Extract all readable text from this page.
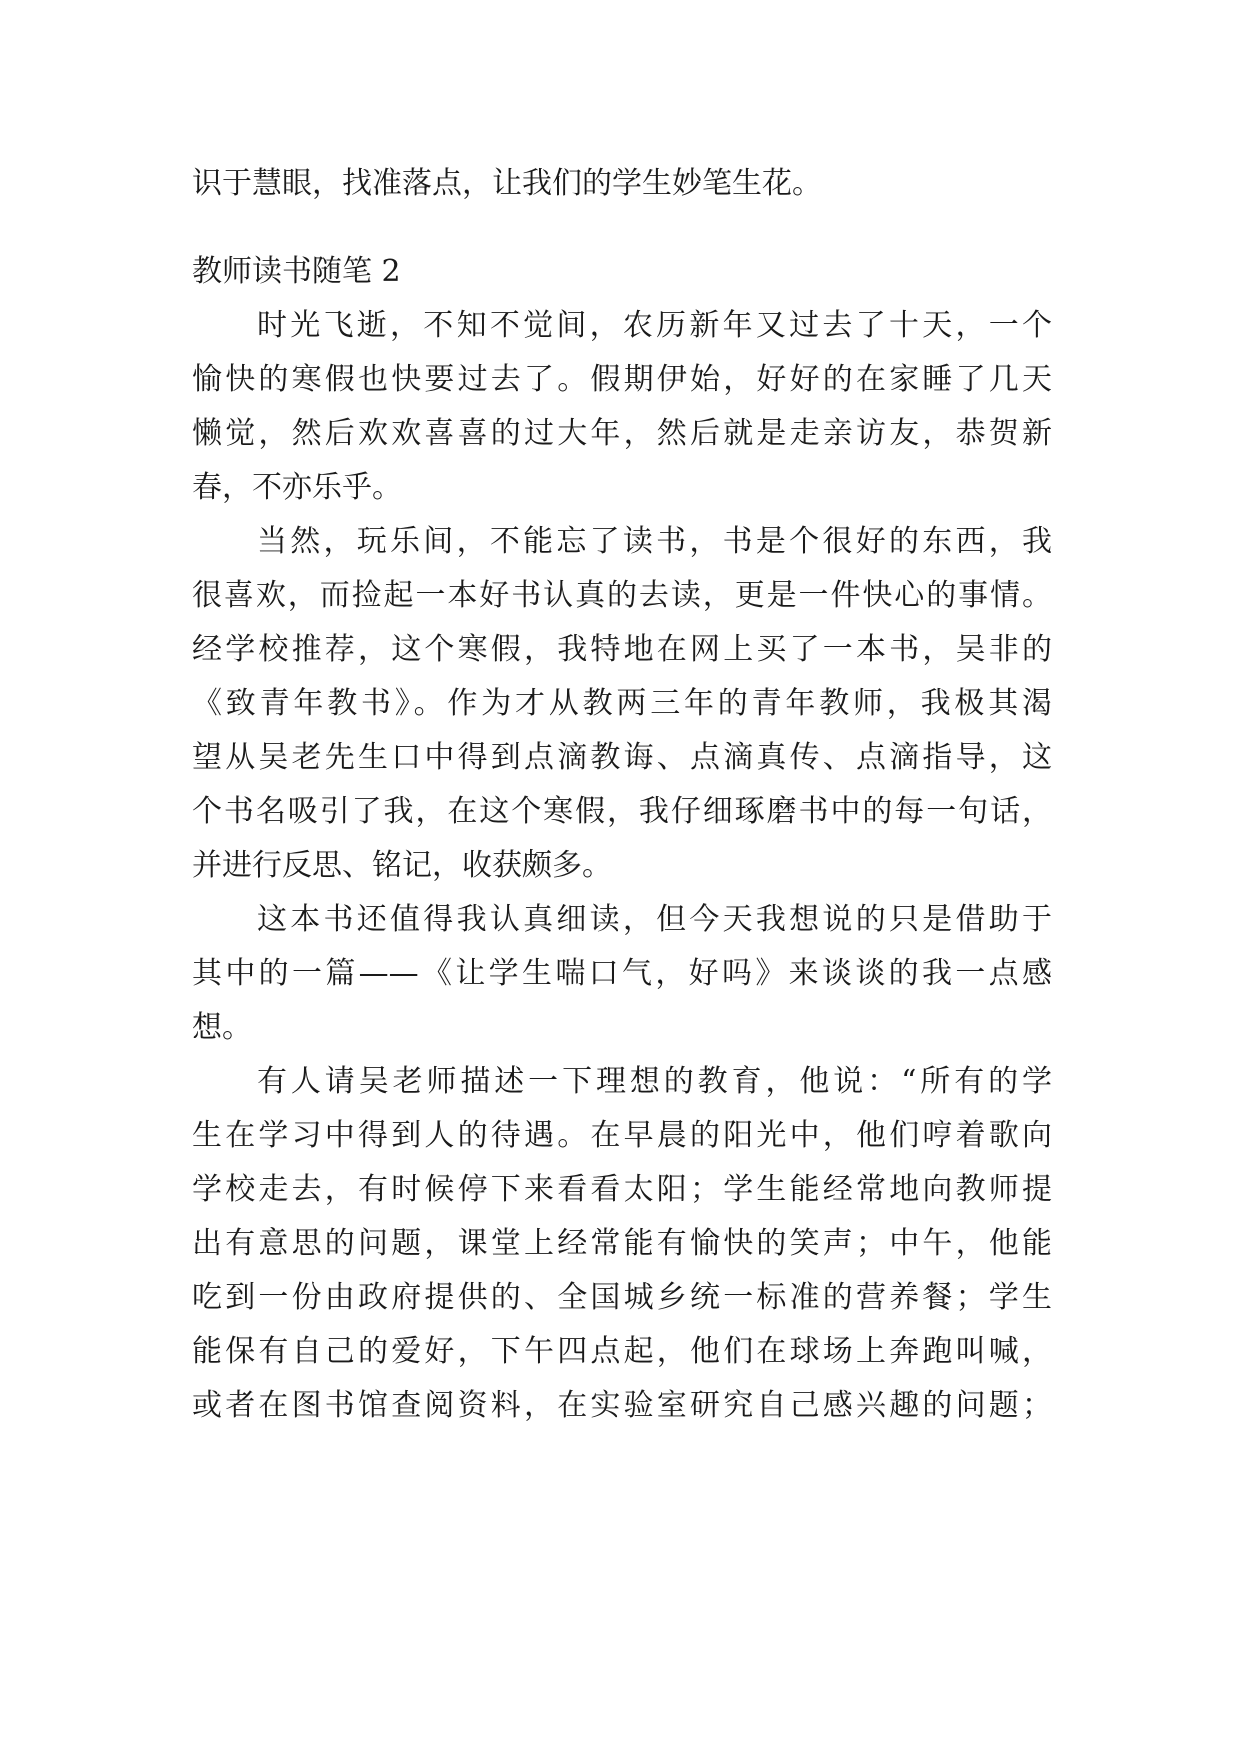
识于慧眼，找准落点，让我们的学生妙笔生花。
教师读书随笔 2
时光飞逝，不知不觉间，农历新年又过去了十天，一个
愉快的寒假也快要过去了。假期伊始，好好的在家睡了几天
懒觉，然后欢欢喜喜的过大年，然后就是走亲访友，恭贺新
春，不亦乐乎。
当然，玩乐间，不能忘了读书，书是个很好的东西，我
很喜欢，而捡起一本好书认真的去读，更是一件快心的事情。
经学校推荐，这个寒假，我特地在网上买了一本书，吴非的
《致青年教书》。作为才从教两三年的青年教师，我极其渴
望从吴老先生口中得到点滴教诲、点滴真传、点滴指导，这
个书名吸引了我，在这个寒假，我仔细琢磨书中的每一句话，
并进行反思、铭记，收获颇多。
这本书还值得我认真细读，但今天我想说的只是借助于
其中的一篇——《让学生喘口气，好吗》来谈谈的我一点感
想。
有人请吴老师描述一下理想的教育，他说：“所有的学
生在学习中得到人的待遇。在早晨的阳光中，他们哼着歌向
学校走去，有时候停下来看看太阳；学生能经常地向教师提
出有意思的问题，课堂上经常能有愉快的笑声；中午，他能
吃到一份由政府提供的、全国城乡统一标准的营养餐；学生
能保有自己的爱好，下午四点起，他们在球场上奔跑叫喊，
或者在图书馆查阅资料，在实验室研究自己感兴趣的问题；
